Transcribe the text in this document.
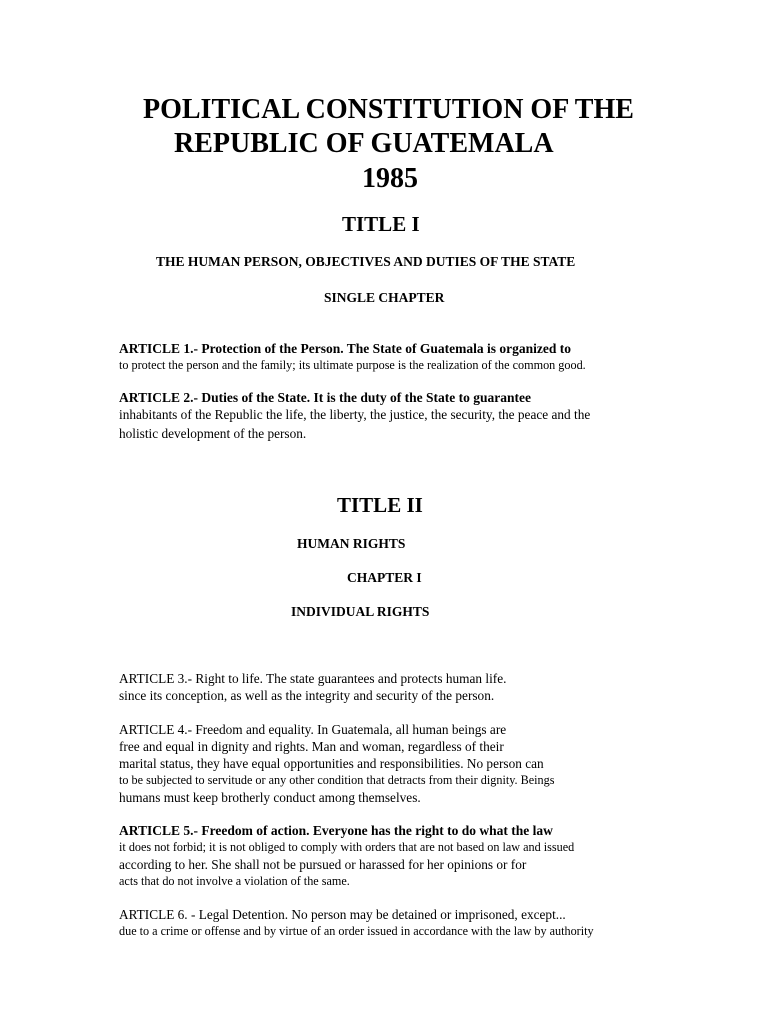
POLITICAL CONSTITUTION OF THE
REPUBLIC OF GUATEMALA
1985
TITLE I
THE HUMAN PERSON, OBJECTIVES AND DUTIES OF THE STATE
SINGLE CHAPTER

ARTICLE 1.- Protection of the Person. The State of Guatemala is organized to

to protect the person and the family; its ultimate purpose is the realization of the common good.

ARTICLE 2.- Duties of the State. It is the duty of the State to guarantee

inhabitants of the Republic the life, the liberty, the justice, the security, the peace and the

holistic development of the person.

TITLE II
HUMAN RIGHTS
CHAPTER I
INDIVIDUAL RIGHTS

ARTICLE 3.- Right to life. The state guarantees and protects human life.

since its conception, as well as the integrity and security of the person.

ARTICLE 4.- Freedom and equality. In Guatemala, all human beings are

free and equal in dignity and rights. Man and woman, regardless of their

marital status, they have equal opportunities and responsibilities. No person can

to be subjected to servitude or any other condition that detracts from their dignity. Beings

humans must keep brotherly conduct among themselves.

ARTICLE 5.- Freedom of action. Everyone has the right to do what the law

it does not forbid; it is not obliged to comply with orders that are not based on law and issued

according to her. She shall not be pursued or harassed for her opinions or for

acts that do not involve a violation of the same.

ARTICLE 6. - Legal Detention. No person may be detained or imprisoned, except...

due to a crime or offense and by virtue of an order issued in accordance with the law by authority
